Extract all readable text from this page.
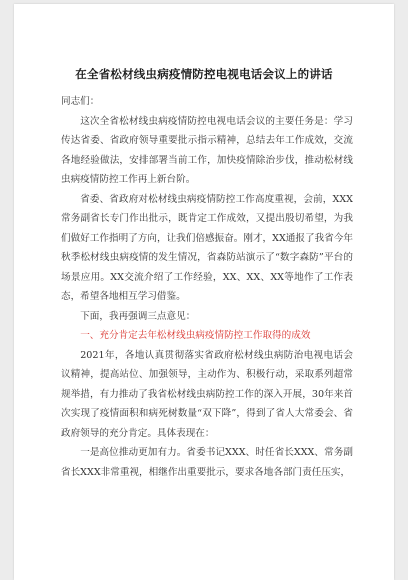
在全省松材线虫病疫情防控电视电话会议上的讲话

同志们：

这次全省松材线虫病疫情防控电视电话会议的主要任务是：学习传达省委、省政府领导重要批示指示精神，总结去年工作成效，交流各地经验做法，安排部署当前工作，加快疫情除治步伐，推动松材线虫病疫情防控工作再上新台阶。

省委、省政府对松材线虫病疫情防控工作高度重视，会前，XXX常务副省长专门作出批示，既肯定工作成效，又提出殷切希望，为我们做好工作指明了方向，让我们倍感振奋。刚才，XX通报了我省今年秋季松材线虫病疫情的发生情况，省森防站演示了“数字森防”平台的场景应用。XX交流介绍了工作经验，XX、XX、XX等地作了工作表态，希望各地相互学习借鉴。

下面，我再强调三点意见：

一、充分肯定去年松材线虫病疫情防控工作取得的成效

2021年，各地认真贯彻落实省政府松材线虫病防治电视电话会议精神，提高站位、加强领导，主动作为、积极行动，采取系列超常规举措，有力推动了我省松材线虫病防控工作的深入开展，30年来首次实现了疫情面积和病死树数量“双下降”，得到了省人大常委会、省政府领导的充分肯定。具体表现在：

一是高位推动更加有力。省委书记XXX、时任省长XXX、常务副省长XXX非常重视，相继作出重要批示，要求各地各部门责任压实，
